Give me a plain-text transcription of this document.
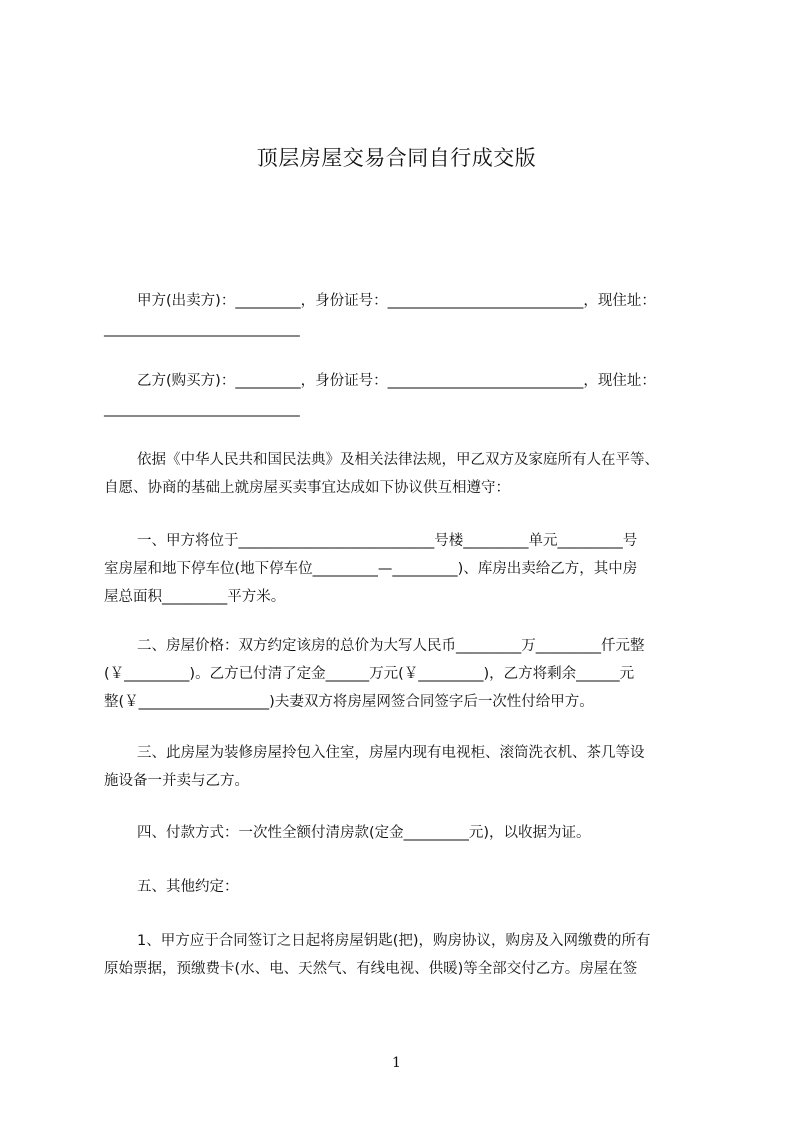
顶层房屋交易合同自行成交版
甲方(出卖方)：_________，身份证号：___________________________，现住址：
___________________________
乙方(购买方)：_________，身份证号：___________________________，现住址：
___________________________
依据《中华人民共和国民法典》及相关法律法规，甲乙双方及家庭所有人在平等、
自愿、协商的基础上就房屋买卖事宜达成如下协议供互相遵守：
一、甲方将位于___________________________号楼_________单元_________号
室房屋和地下停车位(地下停车位_________—_________)、库房出卖给乙方，其中房
屋总面积_________平方米。
二、房屋价格：双方约定该房的总价为大写人民币_________万_________仟元整
(￥_________)。乙方已付清了定金______万元(￥_________)，乙方将剩余______元
整(￥__________________)夫妻双方将房屋网签合同签字后一次性付给甲方。
三、此房屋为装修房屋拎包入住室，房屋内现有电视柜、滚筒洗衣机、茶几等设
施设备一并卖与乙方。
四、付款方式：一次性全额付清房款(定金_________元)，以收据为证。
五、其他约定：
1、甲方应于合同签订之日起将房屋钥匙(把)，购房协议，购房及入网缴费的所有
原始票据，预缴费卡(水、电、天然气、有线电视、供暖)等全部交付乙方。房屋在签
1
